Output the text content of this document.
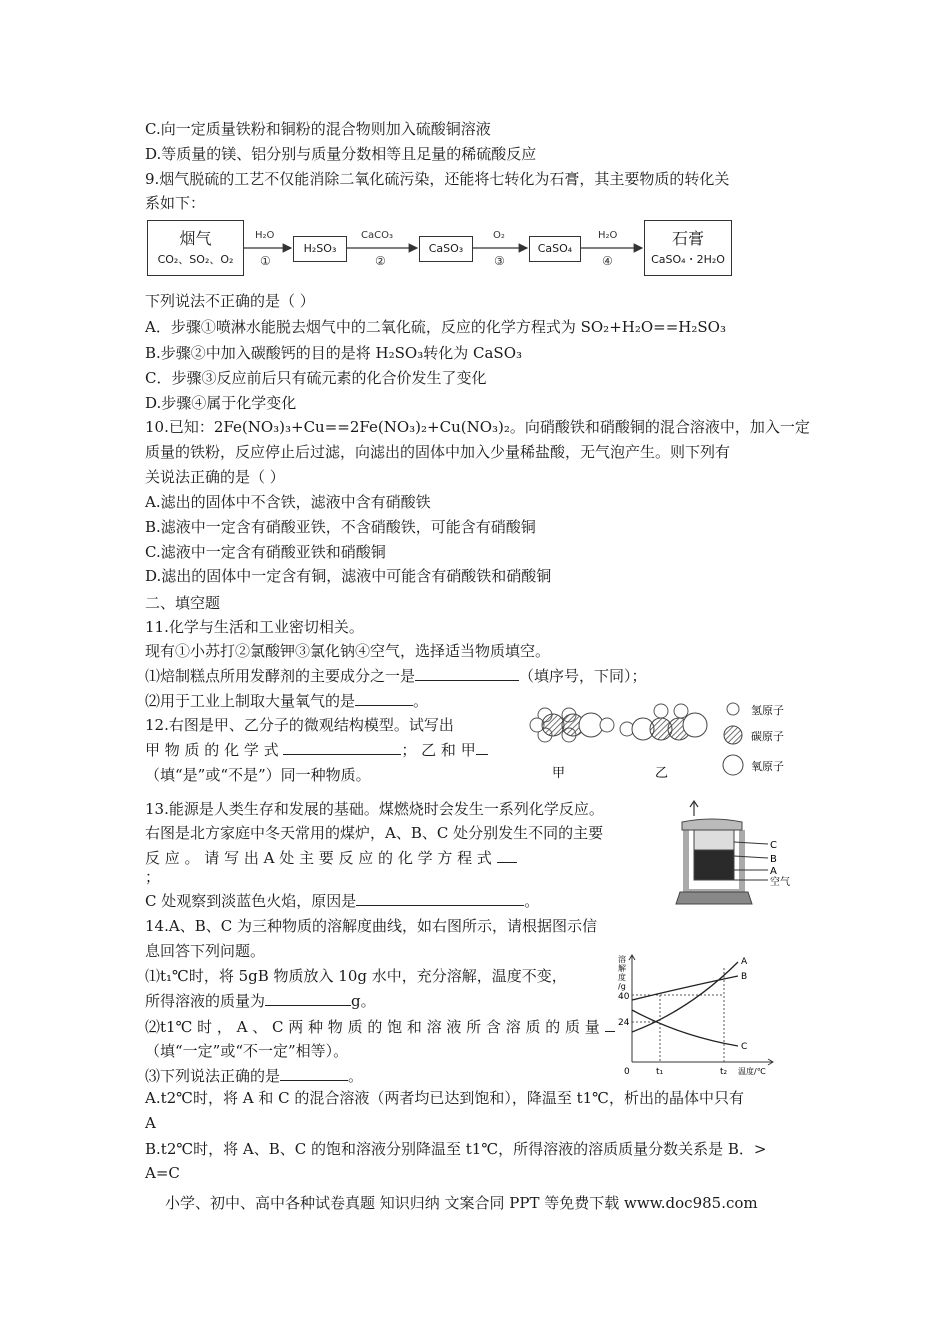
C.向一定质量铁粉和铜粉的混合物则加入硫酸铜溶液
D.等质量的镁、铝分别与质量分数相等且足量的稀硫酸反应
9.烟气脱硫的工艺不仅能消除二氧化硫污染，还能将七转化为石膏，其主要物质的转化关
系如下：
烟气
CO₂、SO₂、O₂
H₂O
①
H₂SO₃
CaCO₃
②
CaSO₃
O₂
③
CaSO₄
H₂O
④
石膏
CaSO₄・2H₂O
下列说法不正确的是（ ）
A．步骤①喷淋水能脱去烟气中的二氧化硫，反应的化学方程式为 SO₂+H₂O==H₂SO₃
B.步骤②中加入碳酸钙的目的是将 H₂SO₃转化为 CaSO₃
C．步骤③反应前后只有硫元素的化合价发生了变化
D.步骤④属于化学变化
10.已知：2Fe(NO₃)₃+Cu==2Fe(NO₃)₂+Cu(NO₃)₂。向硝酸铁和硝酸铜的混合溶液中，加入一定
质量的铁粉，反应停止后过滤，向滤出的固体中加入少量稀盐酸，无气泡产生。则下列有
关说法正确的是（ ）
A.滤出的固体中不含铁，滤液中含有硝酸铁
B.滤液中一定含有硝酸亚铁，不含硝酸铁，可能含有硝酸铜
C.滤液中一定含有硝酸亚铁和硝酸铜
D.滤出的固体中一定含有铜，滤液中可能含有硝酸铁和硝酸铜
二、填空题
11.化学与生活和工业密切相关。
现有①小苏打②氯酸钾③氯化钠④空气，选择适当物质填空。
⑴焙制糕点所用发酵剂的主要成分之一是	（填序号，下同）；
⑵用于工业上制取大量氧气的是	。
12.右图是甲、乙分子的微观结构模型。试写出
甲 物 质 的 化 学 式	； 乙 和 甲
（填“是”或“不是”）同一种物质。	甲	乙
氢原子
碳原子
氧原子
13.能源是人类生存和发展的基础。煤燃烧时会发生一系列化学反应。
右图是北方家庭中冬天常用的煤炉，A、B、C 处分别发生不同的主要
反 应 。 请 写 出 A 处 主 要 反 应 的 化 学 方 程 式
；
C 处观察到淡蓝色火焰，原因是	。
C
B
A
空气
14.A、B、C 为三种物质的溶解度曲线，如右图所示，请根据图示信
息回答下列问题。
⑴t₁℃时，将 5gB 物质放入 10g 水中，充分溶解，温度不变，
所得溶液的质量为	g。
⑵t1℃ 时 ， A 、 C 两 种 物 质 的 饱 和 溶 液 所 含 溶 质 的 质 量
（填“一定”或“不一定”相等）。
⑶下列说法正确的是	。
A.t2℃时，将 A 和 C 的混合溶液（两者均已达到饱和），降温至 t1℃，析出的晶体中只有
A
B.t2℃时，将 A、B、C 的饱和溶液分别降温至 t1℃，所得溶液的溶质质量分数关系是 B．>
A=C
溶
解
度
/g
40
24
0	t₁	t₂ 温度/℃
A
B
C
小学、初中、高中各种试卷真题 知识归纳 文案合同 PPT 等免费下载 www.doc985.com
